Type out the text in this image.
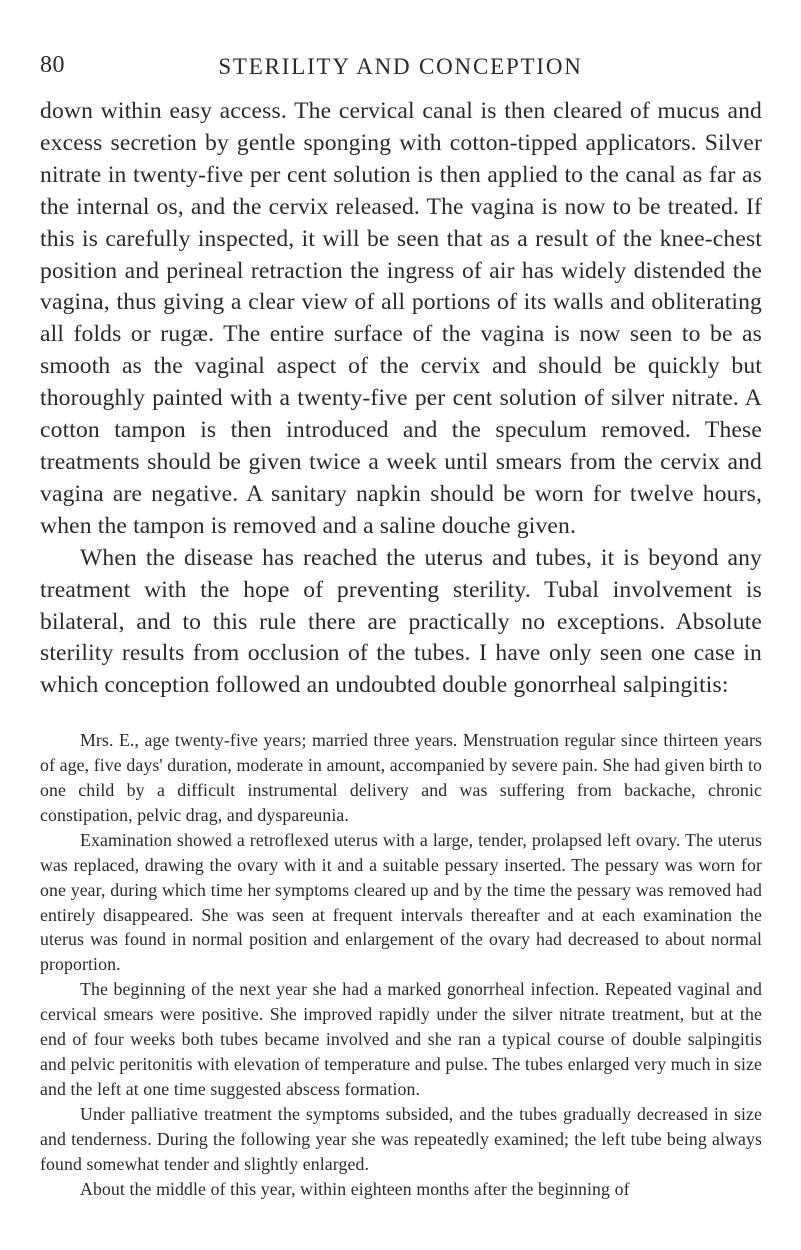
80	STERILITY AND CONCEPTION

down within easy access. The cervical canal is then cleared of mucus and excess secretion by gentle sponging with cotton-tipped applicators. Silver nitrate in twenty-five per cent solution is then applied to the canal as far as the internal os, and the cervix released. The vagina is now to be treated. If this is carefully inspected, it will be seen that as a result of the knee-chest position and perineal retraction the ingress of air has widely distended the vagina, thus giving a clear view of all portions of its walls and obliterating all folds or rugæ. The entire surface of the vagina is now seen to be as smooth as the vaginal aspect of the cervix and should be quickly but thoroughly painted with a twenty-five per cent solution of silver nitrate. A cotton tampon is then introduced and the speculum removed. These treatments should be given twice a week until smears from the cervix and vagina are negative. A sanitary napkin should be worn for twelve hours, when the tampon is removed and a saline douche given.

When the disease has reached the uterus and tubes, it is beyond any treatment with the hope of preventing sterility. Tubal involvement is bilateral, and to this rule there are practically no exceptions. Absolute sterility results from occlusion of the tubes. I have only seen one case in which conception followed an undoubted double gonorrheal salpingitis:

Mrs. E., age twenty-five years; married three years. Menstruation regular since thirteen years of age, five days' duration, moderate in amount, accompanied by severe pain. She had given birth to one child by a difficult instrumental delivery and was suffering from backache, chronic constipation, pelvic drag, and dyspareunia.

Examination showed a retroflexed uterus with a large, tender, prolapsed left ovary. The uterus was replaced, drawing the ovary with it and a suitable pessary inserted. The pessary was worn for one year, during which time her symptoms cleared up and by the time the pessary was removed had entirely disappeared. She was seen at frequent intervals thereafter and at each examination the uterus was found in normal position and enlargement of the ovary had decreased to about normal proportion.

The beginning of the next year she had a marked gonorrheal infection. Repeated vaginal and cervical smears were positive. She improved rapidly under the silver nitrate treatment, but at the end of four weeks both tubes became involved and she ran a typical course of double salpingitis and pelvic peritonitis with elevation of temperature and pulse. The tubes enlarged very much in size and the left at one time suggested abscess formation.

Under palliative treatment the symptoms subsided, and the tubes gradually decreased in size and tenderness. During the following year she was repeatedly examined; the left tube being always found somewhat tender and slightly enlarged.

About the middle of this year, within eighteen months after the beginning of
